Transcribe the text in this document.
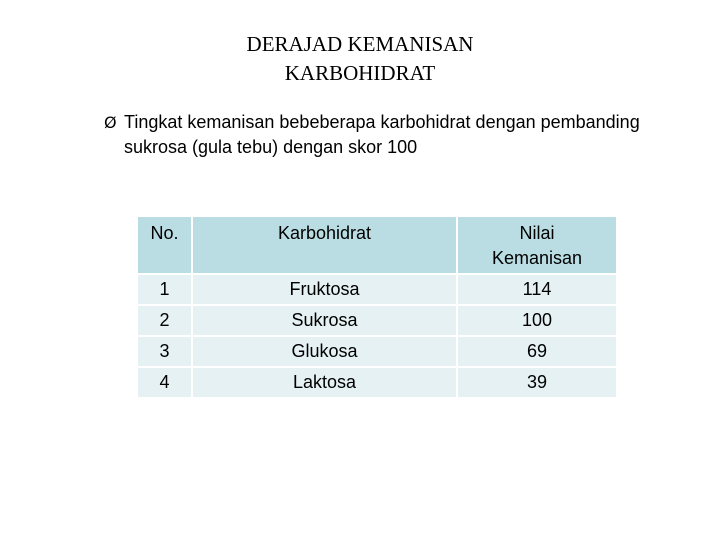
DERAJAD KEMANISAN
KARBOHIDRAT
Ø Tingkat kemanisan bebeberapa karbohidrat dengan pembanding sukrosa (gula tebu) dengan skor 100
No.	Karbohidrat	Nilai
Kemanisan

1	Fruktosa	114
2	Sukrosa	100
3	Glukosa	69
4	Laktosa	39
